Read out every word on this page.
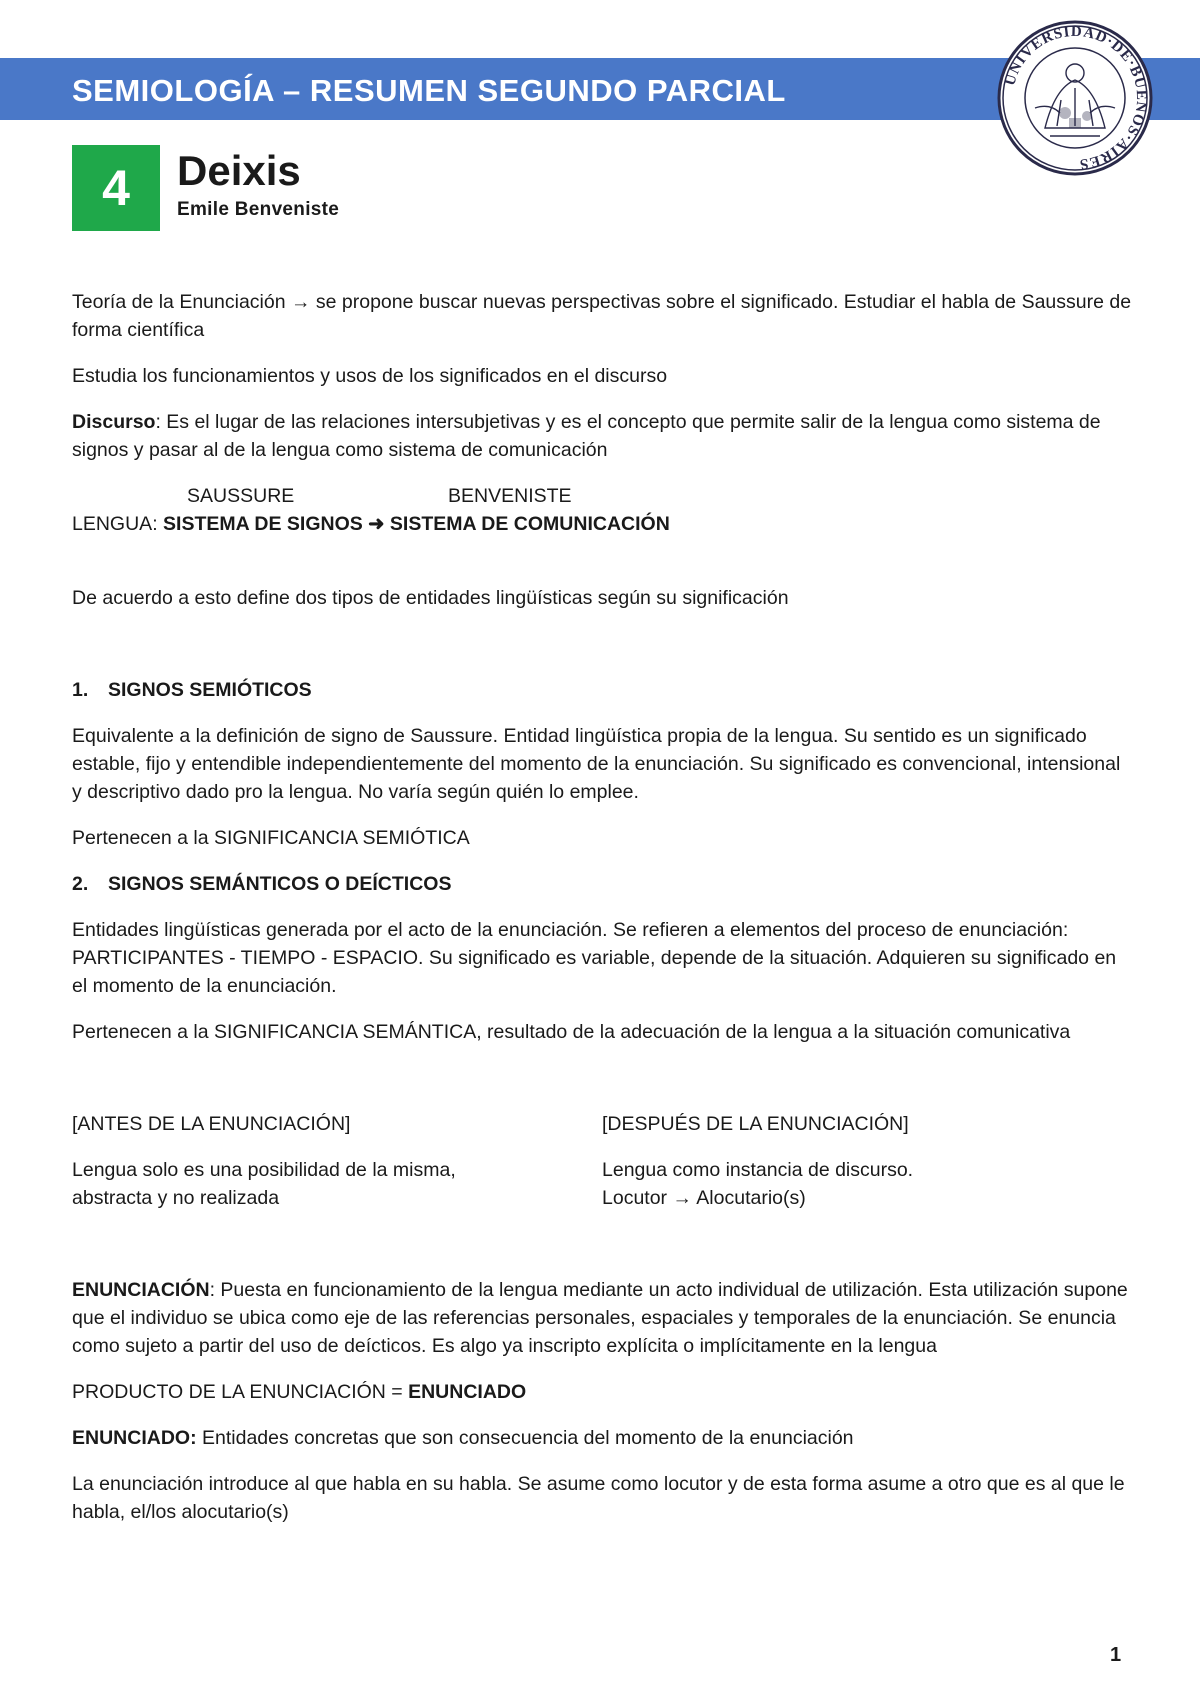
SEMIOLOGÍA – RESUMEN SEGUNDO PARCIAL	UNIVERSIDAD·DE·BUENOS·AIRES
4	Deixis
Emile Benveniste

Teoría de la Enunciación → se propone buscar nuevas perspectivas sobre el significado. Estudiar el habla de Saussure de forma científica

Estudia los funcionamientos y usos de los significados en el discurso

Discurso: Es el lugar de las relaciones intersubjetivas y es el concepto que permite salir de la lengua como sistema de signos y pasar al de la lengua como sistema de comunicación

SAUSSURE	BENVENISTE
LENGUA: SISTEMA DE SIGNOS ➜ SISTEMA DE COMUNICACIÓN

De acuerdo a esto define dos tipos de entidades lingüísticas según su significación

1. SIGNOS SEMIÓTICOS

Equivalente a la definición de signo de Saussure. Entidad lingüística propia de la lengua. Su sentido es un significado estable, fijo y entendible independientemente del momento de la enunciación. Su significado es convencional, intensional y descriptivo dado pro la lengua. No varía según quién lo emplee.

Pertenecen a la SIGNIFICANCIA SEMIÓTICA

2. SIGNOS SEMÁNTICOS O DEÍCTICOS

Entidades lingüísticas generada por el acto de la enunciación. Se refieren a elementos del proceso de enunciación: PARTICIPANTES - TIEMPO - ESPACIO. Su significado es variable, depende de la situación. Adquieren su significado en el momento de la enunciación.

Pertenecen a la SIGNIFICANCIA SEMÁNTICA, resultado de la adecuación de la lengua a la situación comunicativa

[ANTES DE LA ENUNCIACIÓN]

Lengua solo es una posibilidad de la misma,
abstracta y no realizada

[DESPUÉS DE LA ENUNCIACIÓN]

Lengua como instancia de discurso.
Locutor → Alocutario(s)

ENUNCIACIÓN: Puesta en funcionamiento de la lengua mediante un acto individual de utilización. Esta utilización supone que el individuo se ubica como eje de las referencias personales, espaciales y temporales de la enunciación. Se enuncia como sujeto a partir del uso de deícticos. Es algo ya inscripto explícita o implícitamente en la lengua

PRODUCTO DE LA ENUNCIACIÓN = ENUNCIADO

ENUNCIADO: Entidades concretas que son consecuencia del momento de la enunciación

La enunciación introduce al que habla en su habla. Se asume como locutor y de esta forma asume a otro que es al que le habla, el/los alocutario(s)

1
